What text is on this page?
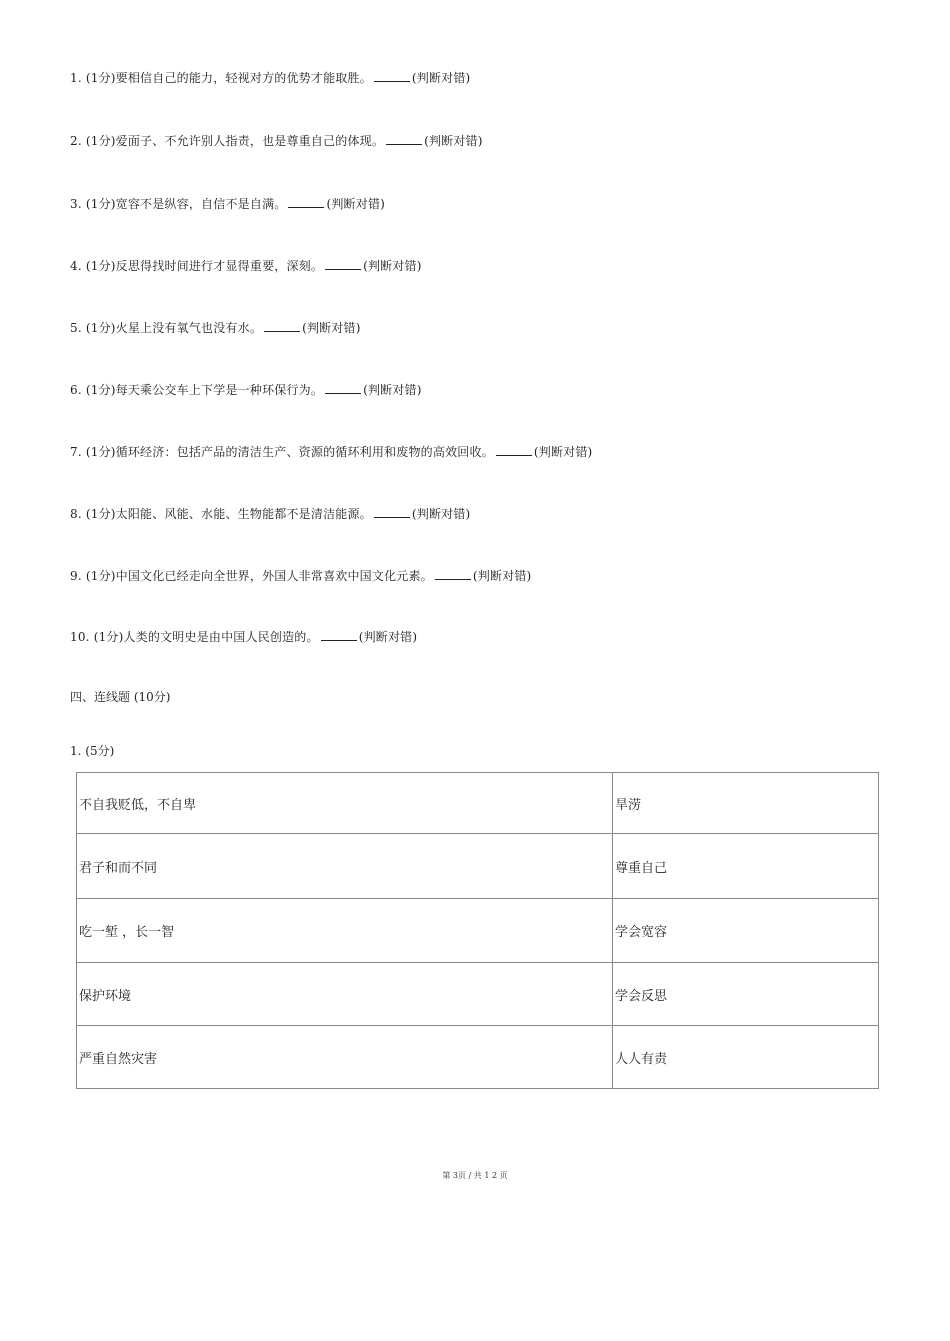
1. (1分)要相信自己的能力，轻视对方的优势才能取胜。	(判断对错)
2. (1分)爱面子、不允许别人指责，也是尊重自己的体现。	(判断对错)
3. (1分)宽容不是纵容，自信不是自满。	(判断对错)
4. (1分)反思得找时间进行才显得重要，深刻。	(判断对错)
5. (1分)火星上没有氧气也没有水。	(判断对错)
6. (1分)每天乘公交车上下学是一种环保行为。	(判断对错)
7. (1分)循环经济：包括产品的清洁生产、资源的循环利用和废物的高效回收。	(判断对错)
8. (1分)太阳能、风能、水能、生物能都不是清洁能源。	(判断对错)
9. (1分)中国文化已经走向全世界，外国人非常喜欢中国文化元素。	(判断对错)
10. (1分)人类的文明史是由中国人民创造的。	(判断对错)
四、连线题 (10分)
1. (5分)
不自我贬低，不自卑	旱涝
君子和而不同	尊重自己
吃一堑 ，长一智	学会宽容
保护环境	学会反思
严重自然灾害	人人有责
第 3页 / 共 1 2 页
